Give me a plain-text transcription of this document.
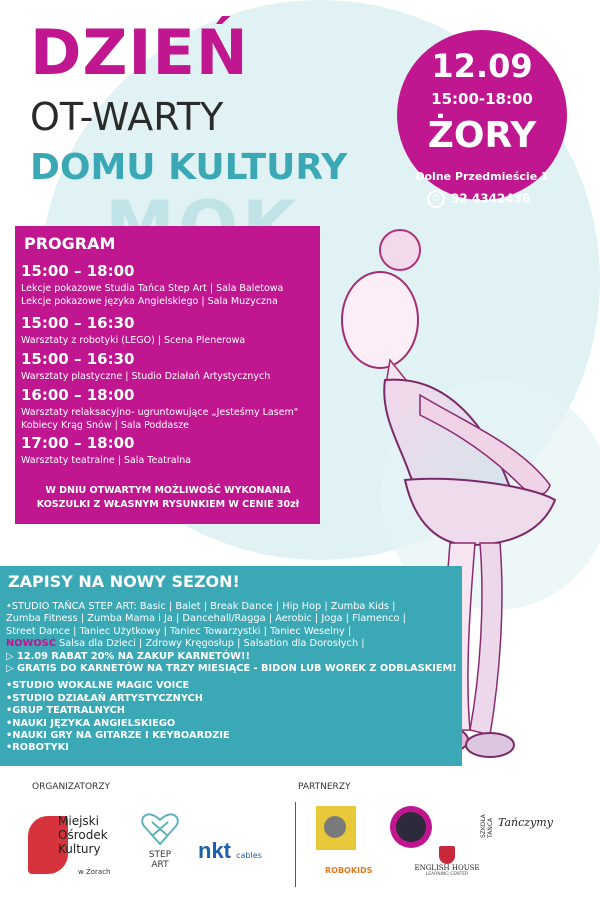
DZIEŃ
OT-WARTY
DOMU KULTURY
12.09
15:00-18:00
ŻORY
Dolne Przedmieście 1
✆ 32 4342436
PROGRAM
15:00 – 18:00
Lekcje pokazowe Studia Tańca Step Art | Sala Baletowa
Lekcje pokazowe języka Angielskiego | Sala Muzyczna
15:00 – 16:30
Warsztaty z robotyki (LEGO) | Scena Plenerowa
15:00 – 16:30
Warsztaty plastyczne | Studio Działań Artystycznych
16:00 – 18:00
Warsztaty relaksacyjno- ugruntowujące „Jesteśmy Lasem"
Kobiecy Krąg Snów | Sala Poddasze
17:00 – 18:00
Warsztaty teatralne | Sala Teatralna
W DNIU OTWARTYM MOŻLIWOŚĆ WYKONANIA
KOSZULKI Z WŁASNYM RYSUNKIEM W CENIE 30zł
ZAPISY NA NOWY SEZON!
•STUDIO TAŃCA STEP ART: Basic | Balet | Break Dance | Hip Hop | Zumba Kids |
Zumba Fitness | Zumba Mama i Ja | Dancehall/Ragga | Aerobic | Joga | Flamenco |
Street Dance | Taniec Użytkowy | Taniec Towarzystki | Taniec Weselny |
NOWOŚĆ Salsa dla Dzieci | Zdrowy Kręgosłup | Salsation dla Dorosłych |
▷ 12.09 RABAT 20% NA ZAKUP KARNETÓW!!
▷ GRATIS DO KARNETÓW NA TRZY MIESIĄCE - BIDON LUB WOREK Z ODBLASKIEM!
•STUDIO WOKALNE MAGIC VOICE
•STUDIO DZIAŁAŃ ARTYSTYCZNYCH
•GRUP TEATRALNYCH
•NAUKI JĘZYKA ANGIELSKIEGO
•NAUKI GRY NA GITARZE I KEYBOARDZIE
•ROBOTYKI
ORGANIZATORZY	PARTNERZY
Miejski
Ośrodek
Kultury
w Żorach
STEP ART
nkt cables
SZKOŁA TAŃCA Tańczymy
ROBOKIDS	ENGLISH HOUSE
LEARNING CENTER
